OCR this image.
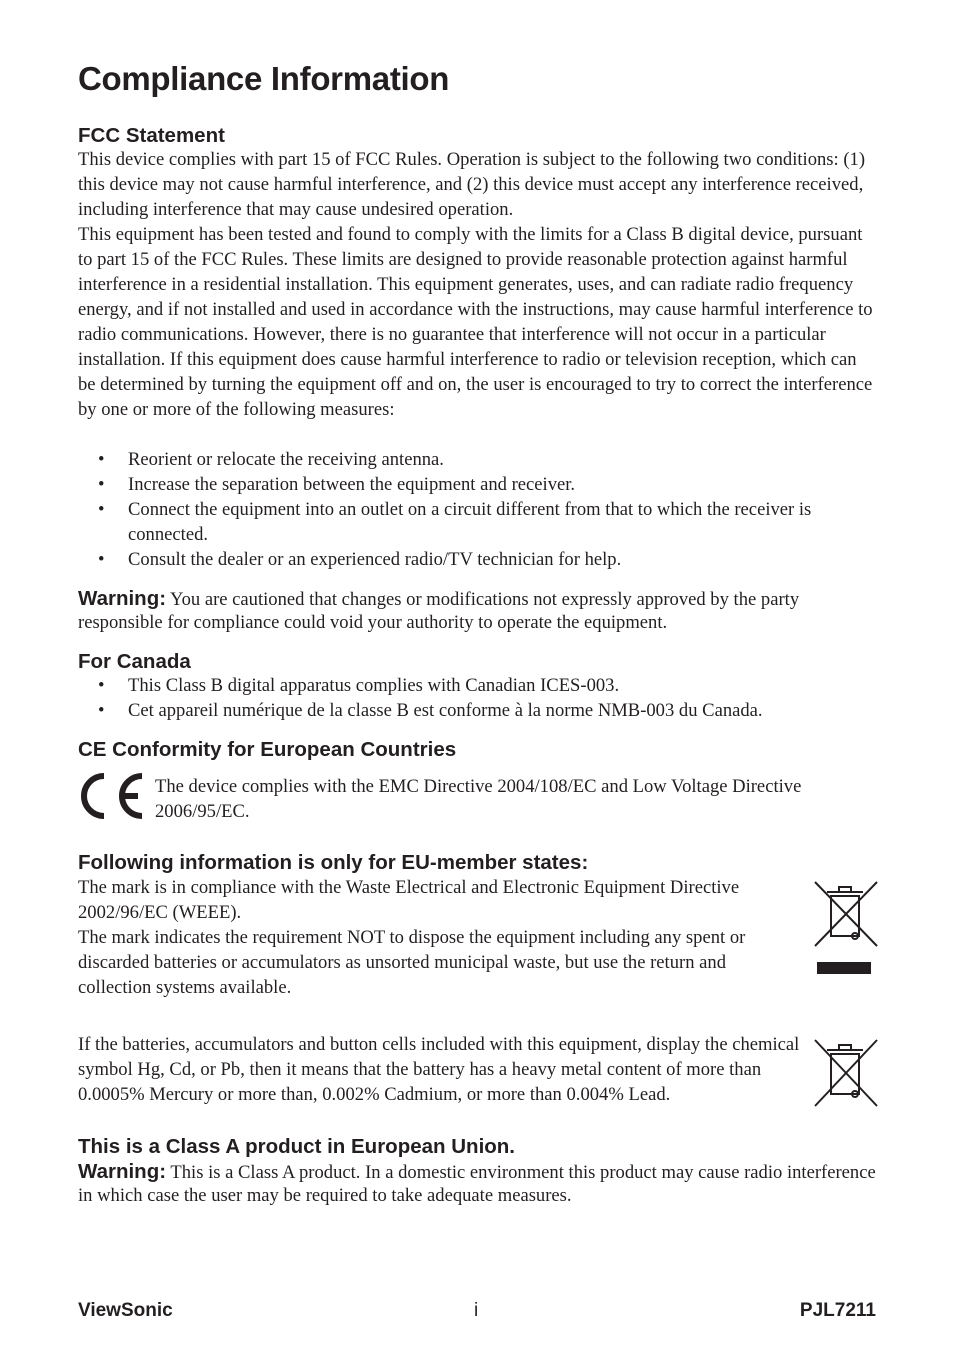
Compliance Information
FCC Statement

This device complies with part 15 of FCC Rules. Operation is subject to the following two conditions: (1) this device may not cause harmful interference, and (2) this device must accept any interference received, including interference that may cause undesired operation.

This equipment has been tested and found to comply with the limits for a Class B digital device, pursuant to part 15 of the FCC Rules. These limits are designed to provide reasonable protection against harmful interference in a residential installation. This equipment generates, uses, and can radiate radio frequency energy, and if not installed and used in accordance with the instructions, may cause harmful interference to radio communications. However, there is no guarantee that interference will not occur in a particular installation. If this equipment does cause harmful interference to radio or television reception, which can be determined by turning the equipment off and on, the user is encouraged to try to correct the interference by one or more of the following measures:

• Reorient or relocate the receiving antenna.
• Increase the separation between the equipment and receiver.
• Connect the equipment into an outlet on a circuit different from that to which the receiver is connected.
• Consult the dealer or an experienced radio/TV technician for help.

Warning: You are cautioned that changes or modifications not expressly approved by the party responsible for compliance could void your authority to operate the equipment.

For Canada
• This Class B digital apparatus complies with Canadian ICES-003.
• Cet appareil numérique de la classe B est conforme à la norme NMB-003 du Canada.
CE Conformity for European Countries

The device complies with the EMC Directive 2004/108/EC and Low Voltage Directive 2006/95/EC.

Following information is only for EU-member states:

The mark is in compliance with the Waste Electrical and Electronic Equipment Directive 2002/96/EC (WEEE).

The mark indicates the requirement NOT to dispose the equipment including any spent or discarded batteries or accumulators as unsorted municipal waste, but use the return and collection systems available.

If the batteries, accumulators and button cells included with this equipment, display the chemical symbol Hg, Cd, or Pb, then it means that the battery has a heavy metal content of more than 0.0005% Mercury or more than, 0.002% Cadmium, or more than 0.004% Lead.

This is a Class A product in European Union.

Warning: This is a Class A product. In a domestic environment this product may cause radio interference in which case the user may be required to take adequate measures.

ViewSonic	i	PJL7211
